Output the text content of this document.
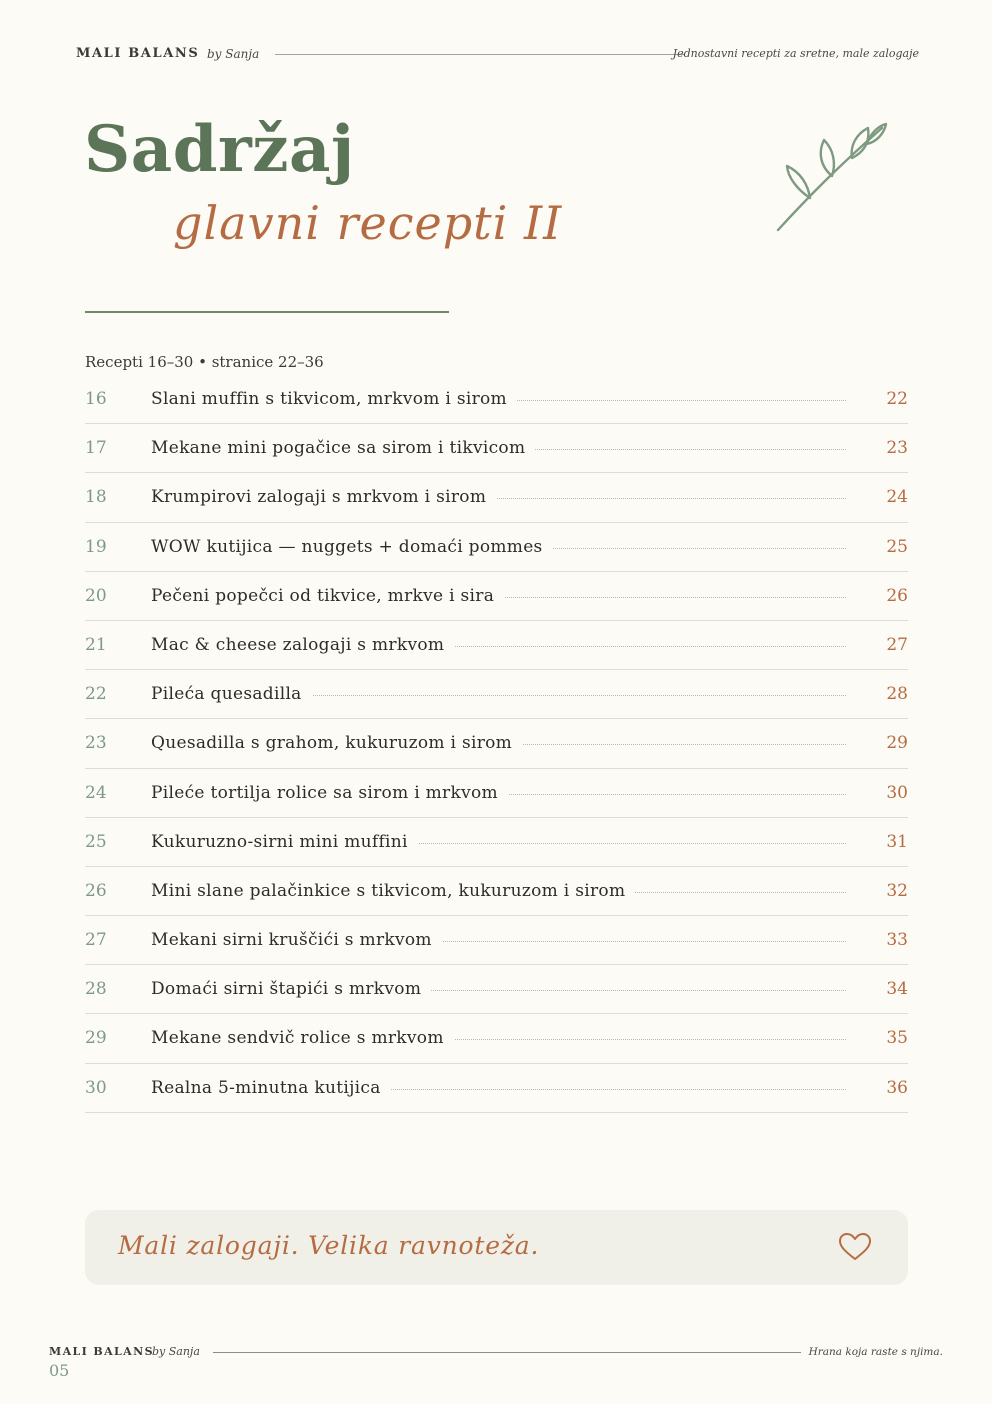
MALI BALANS by Sanja	Jednostavni recepti za sretne, male zalogaje
Sadržaj
glavni recepti II
Recepti 16–30 • stranice 22–36
16	Slani muffin s tikvicom, mrkvom i sirom	22
17	Mekane mini pogačice sa sirom i tikvicom	23
18	Krumpirovi zalogaji s mrkvom i sirom	24
19	WOW kutijica — nuggets + domaći pommes	25
20	Pečeni popečci od tikvice, mrkve i sira	26
21	Mac & cheese zalogaji s mrkvom	27
22	Pileća quesadilla	28
23	Quesadilla s grahom, kukuruzom i sirom	29
24	Pileće tortilja rolice sa sirom i mrkvom	30
25	Kukuruzno-sirni mini muffini	31
26	Mini slane palačinkice s tikvicom, kukuruzom i sirom	32
27	Mekani sirni kruščići s mrkvom	33
28	Domaći sirni štapići s mrkvom	34
29	Mekane sendvič rolice s mrkvom	35
30	Realna 5-minutna kutijica	36
Mali zalogaji. Velika ravnoteža.
MALI BALANS
by Sanja	Hrana koja raste s njima.
05
